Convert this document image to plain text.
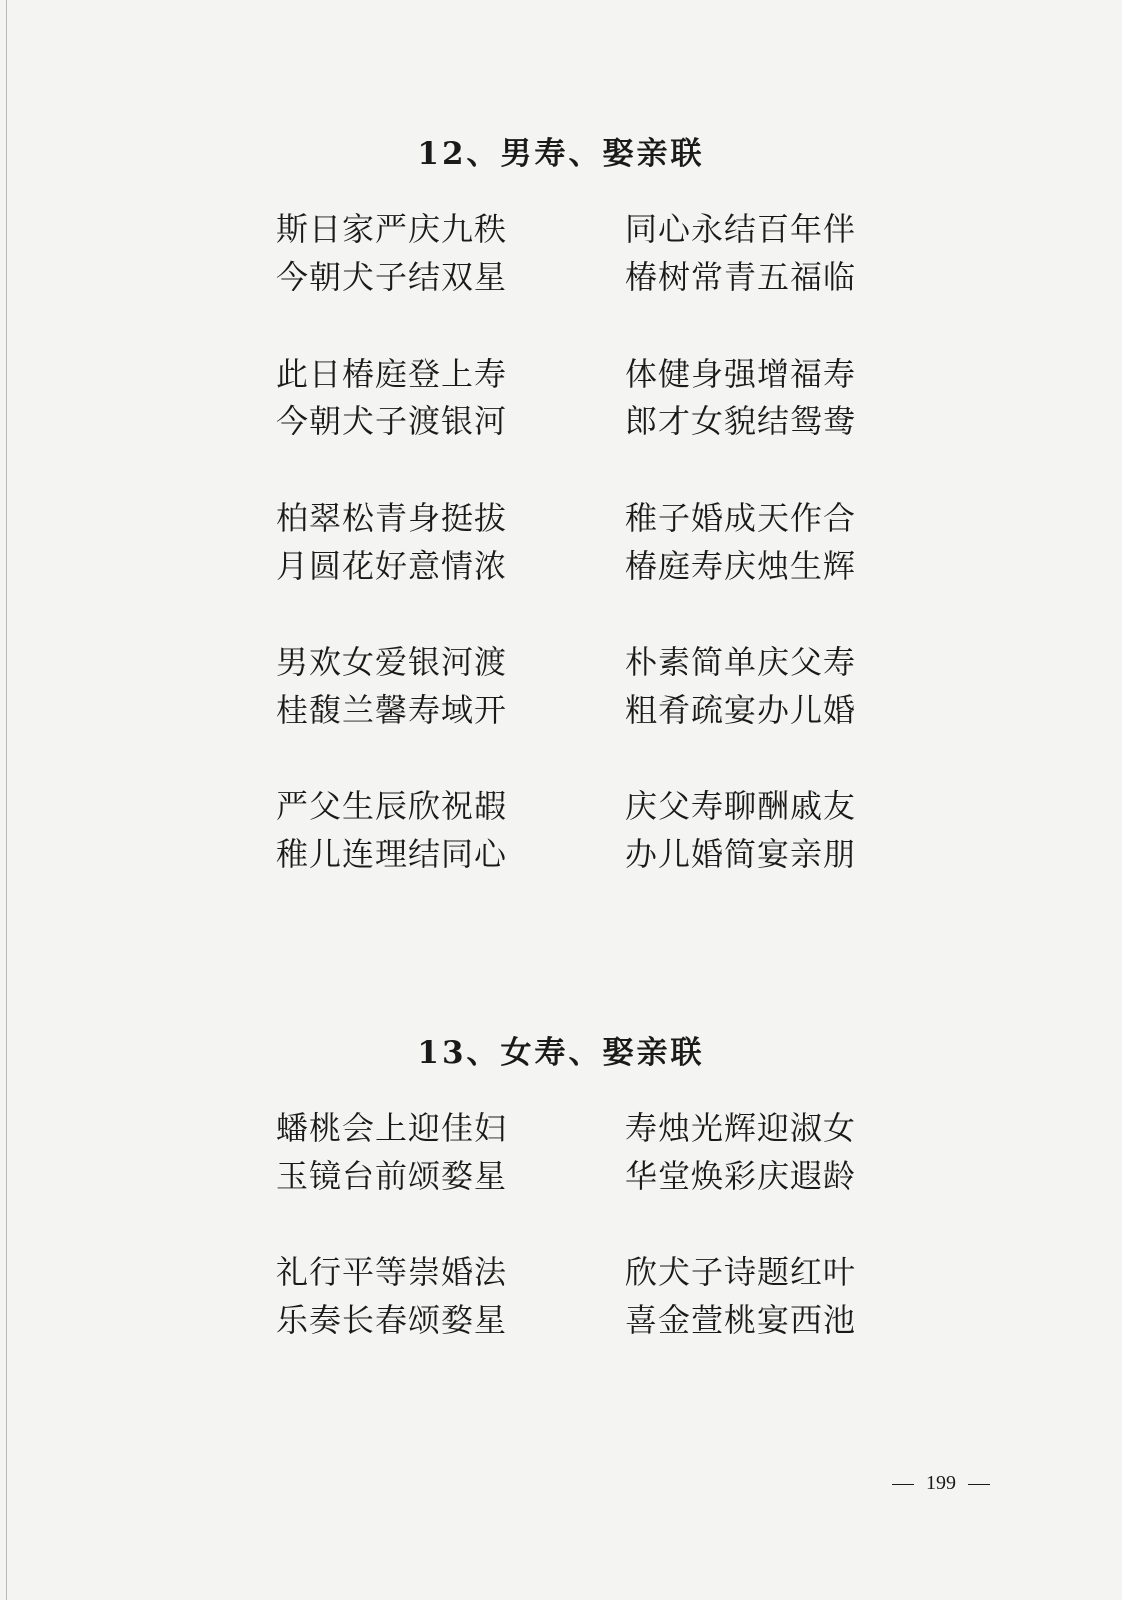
12、男寿、娶亲联

斯日家严庆九秩

今朝犬子结双星

同心永结百年伴

椿树常青五福临

此日椿庭登上寿

今朝犬子渡银河

体健身强增福寿

郎才女貌结鸳鸯

柏翠松青身挺拔

月圆花好意情浓

稚子婚成天作合

椿庭寿庆烛生辉

男欢女爱银河渡

桂馥兰馨寿域开

朴素简单庆父寿

粗肴疏宴办儿婚

严父生辰欣祝嘏

稚儿连理结同心

庆父寿聊酬戚友

办儿婚简宴亲朋

13、女寿、娶亲联

蟠桃会上迎佳妇

玉镜台前颂婺星

寿烛光辉迎淑女

华堂焕彩庆遐龄

礼行平等崇婚法

乐奏长春颂婺星

欣犬子诗题红叶

喜金萱桃宴西池

199
